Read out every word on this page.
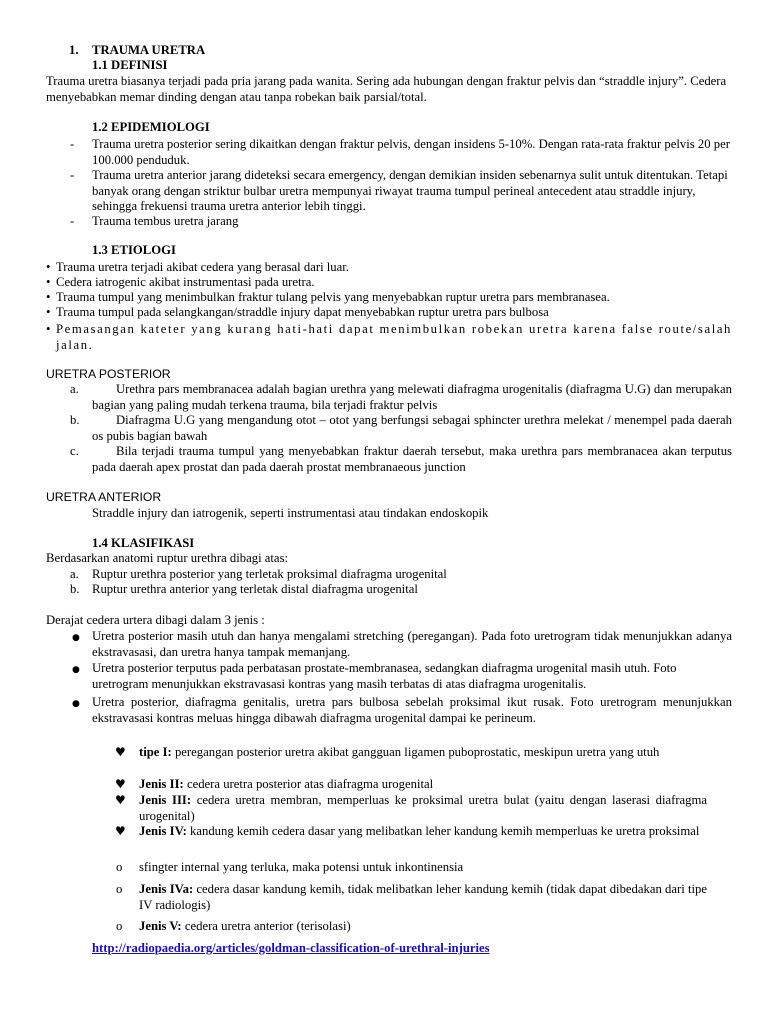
1. TRAUMA URETRA
1.1 DEFINISI
Trauma uretra biasanya terjadi pada pria jarang pada wanita. Sering ada hubungan dengan fraktur pelvis dan “straddle injury”. Cedera menyebabkan memar dinding dengan atau tanpa robekan baik parsial/total.
1.2 EPIDEMIOLOGI
- Trauma uretra posterior sering dikaitkan dengan fraktur pelvis, dengan insidens 5-10%. Dengan rata-rata fraktur pelvis 20 per 100.000 penduduk.
- Trauma uretra anterior jarang dideteksi secara emergency, dengan demikian insiden sebenarnya sulit untuk ditentukan. Tetapi banyak orang dengan striktur bulbar uretra mempunyai riwayat trauma tumpul perineal antecedent atau straddle injury, sehingga frekuensi trauma uretra anterior lebih tinggi.
- Trauma tembus uretra jarang
1.3 ETIOLOGI
• Trauma uretra terjadi akibat cedera yang berasal dari luar.
• Cedera iatrogenic akibat instrumentasi pada uretra.
• Trauma tumpul yang menimbulkan fraktur tulang pelvis yang menyebabkan ruptur uretra pars membranasea.
• Trauma tumpul pada selangkangan/straddle injury dapat menyebabkan ruptur uretra pars bulbosa
• Pemasangan kateter yang kurang hati-hati dapat menimbulkan robekan uretra karena false route/salah jalan.
URETRA POSTERIOR
a.	Urethra pars membranacea adalah bagian urethra yang melewati diafragma urogenitalis (diafragma U.G) dan merupakan bagian yang paling mudah terkena trauma, bila terjadi fraktur pelvis
b.	Diafragma U.G yang mengandung otot – otot yang berfungsi sebagai sphincter urethra melekat / menempel pada daerah os pubis bagian bawah
c.	Bila terjadi trauma tumpul yang menyebabkan fraktur daerah tersebut, maka urethra pars membranacea akan terputus pada daerah apex prostat dan pada daerah prostat membranaeous junction
URETRA ANTERIOR
Straddle injury dan iatrogenik, seperti instrumentasi atau tindakan endoskopik
1.4 KLASIFIKASI
Berdasarkan anatomi ruptur urethra dibagi atas:
a. Ruptur urethra posterior yang terletak proksimal diafragma urogenital
b. Ruptur urethra anterior yang terletak distal diafragma urogenital
Derajat cedera urtera dibagi dalam 3 jenis :
● Uretra posterior masih utuh dan hanya mengalami stretching (peregangan). Pada foto uretrogram tidak menunjukkan adanya ekstravasasi, dan uretra hanya tampak memanjang.
● Uretra posterior terputus pada perbatasan prostate-membranasea, sedangkan diafragma urogenital masih utuh. Foto uretrogram menunjukkan ekstravasasi kontras yang masih terbatas di atas diafragma urogenitalis.
● Uretra posterior, diafragma genitalis, uretra pars bulbosa sebelah proksimal ikut rusak. Foto uretrogram menunjukkan ekstravasasi kontras meluas hingga dibawah diafragma urogenital dampai ke perineum.
♥ tipe I: peregangan posterior uretra akibat gangguan ligamen puboprostatic, meskipun uretra yang utuh
♥ Jenis II: cedera uretra posterior atas diafragma urogenital
♥ Jenis III: cedera uretra membran, memperluas ke proksimal uretra bulat (yaitu dengan laserasi diafragma urogenital)
♥ Jenis IV: kandung kemih cedera dasar yang melibatkan leher kandung kemih memperluas ke uretra proksimal
o sfingter internal yang terluka, maka potensi untuk inkontinensia
o Jenis IVa: cedera dasar kandung kemih, tidak melibatkan leher kandung kemih (tidak dapat dibedakan dari tipe IV radiologis)
o Jenis V: cedera uretra anterior (terisolasi)
http://radiopaedia.org/articles/goldman-classification-of-urethral-injuries
